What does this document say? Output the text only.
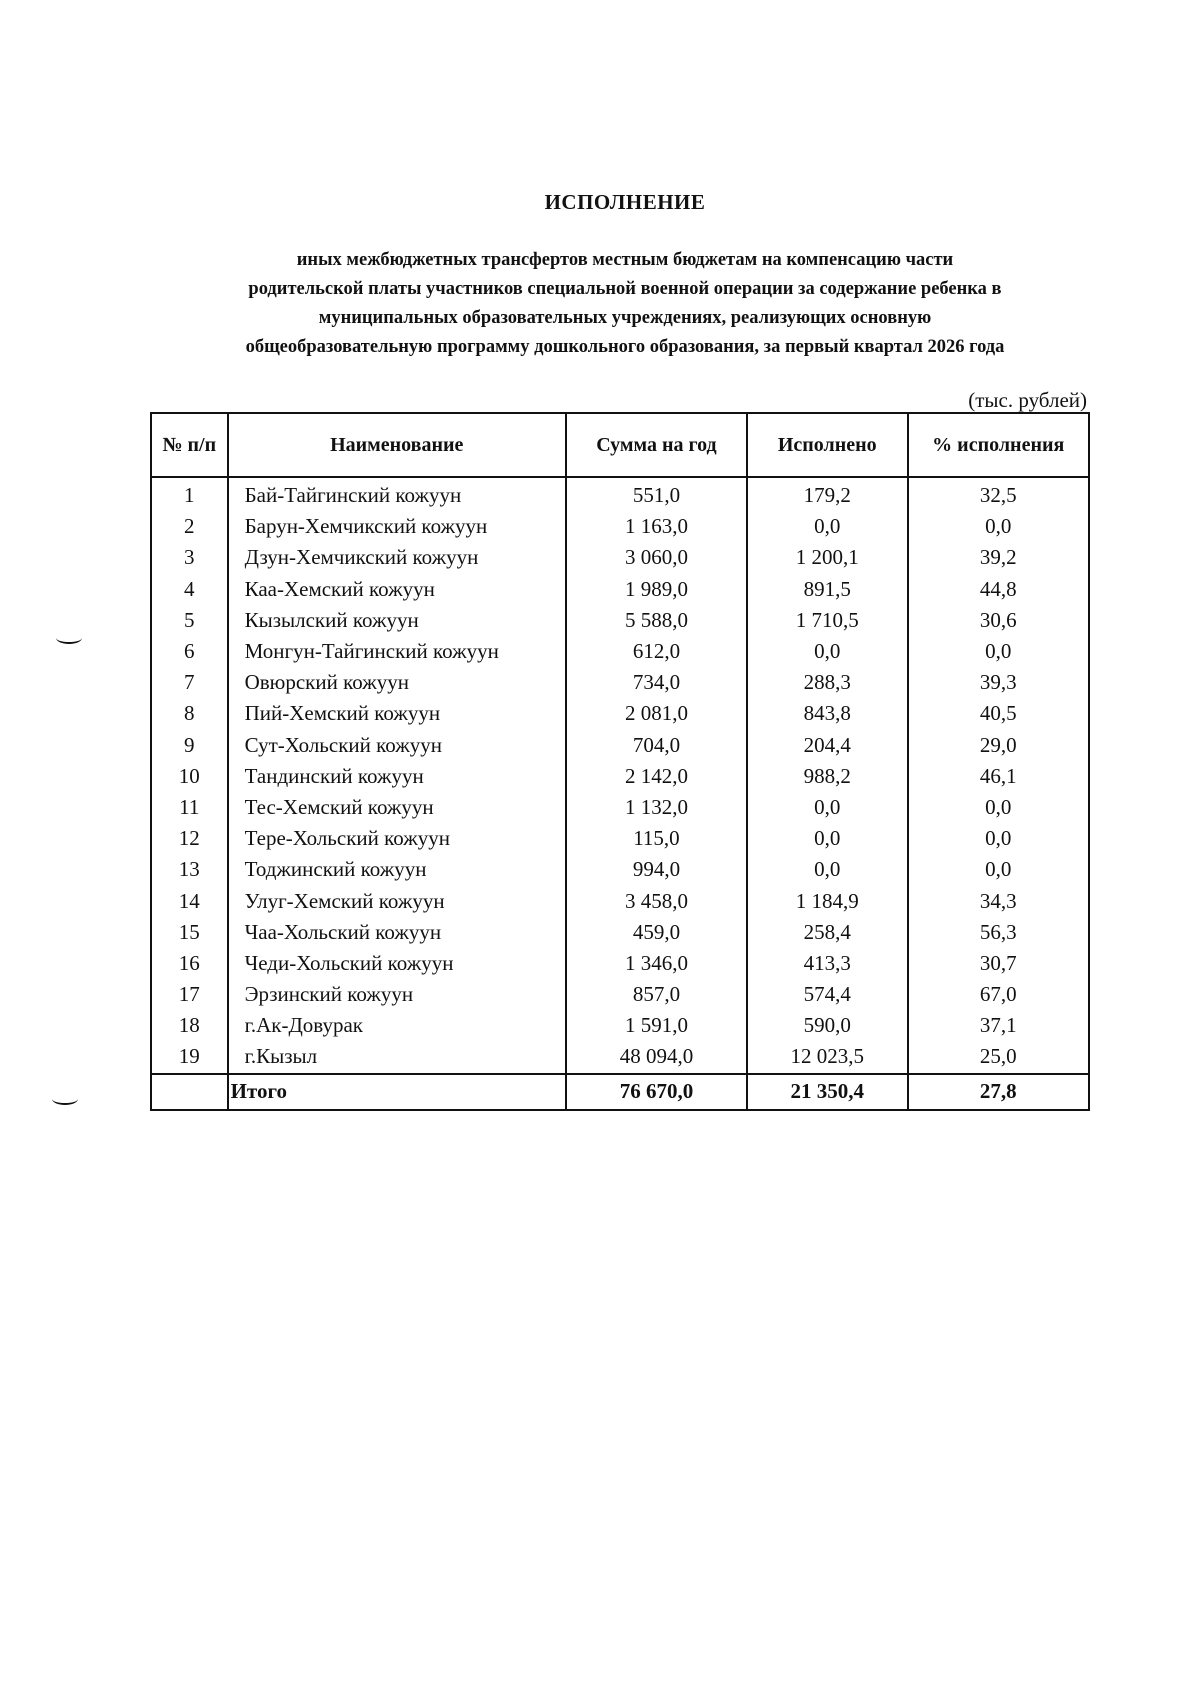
ИСПОЛНЕНИЕ
иных межбюджетных трансфертов местным бюджетам на компенсацию части
родительской платы участников специальной военной операции за содержание ребенка в
муниципальных образовательных учреждениях, реализующих основную
общеобразовательную программу дошкольного образования, за первый квартал 2026 года
(тыс. рублей)
№ п/п	Наименование	Сумма на год	Исполнено	% исполнения
1	Бай-Тайгинский кожуун	551,0	179,2	32,5
2	Барун-Хемчикский кожуун	1 163,0	0,0	0,0
3	Дзун-Хемчикский кожуун	3 060,0	1 200,1	39,2
4	Каа-Хемский кожуун	1 989,0	891,5	44,8
5	Кызылский кожуун	5 588,0	1 710,5	30,6
6	Монгун-Тайгинский кожуун	612,0	0,0	0,0
7	Овюрский кожуун	734,0	288,3	39,3
8	Пий-Хемский кожуун	2 081,0	843,8	40,5
9	Сут-Хольский кожуун	704,0	204,4	29,0
10	Тандинский кожуун	2 142,0	988,2	46,1
11	Тес-Хемский кожуун	1 132,0	0,0	0,0
12	Тере-Хольский кожуун	115,0	0,0	0,0
13	Тоджинский кожуун	994,0	0,0	0,0
14	Улуг-Хемский кожуун	3 458,0	1 184,9	34,3
15	Чаа-Хольский кожуун	459,0	258,4	56,3
16	Чеди-Хольский кожуун	1 346,0	413,3	30,7
17	Эрзинский кожуун	857,0	574,4	67,0
18	г.Ак-Довурак	1 591,0	590,0	37,1
19	г.Кызыл	48 094,0	12 023,5	25,0
	Итого	76 670,0	21 350,4	27,8
